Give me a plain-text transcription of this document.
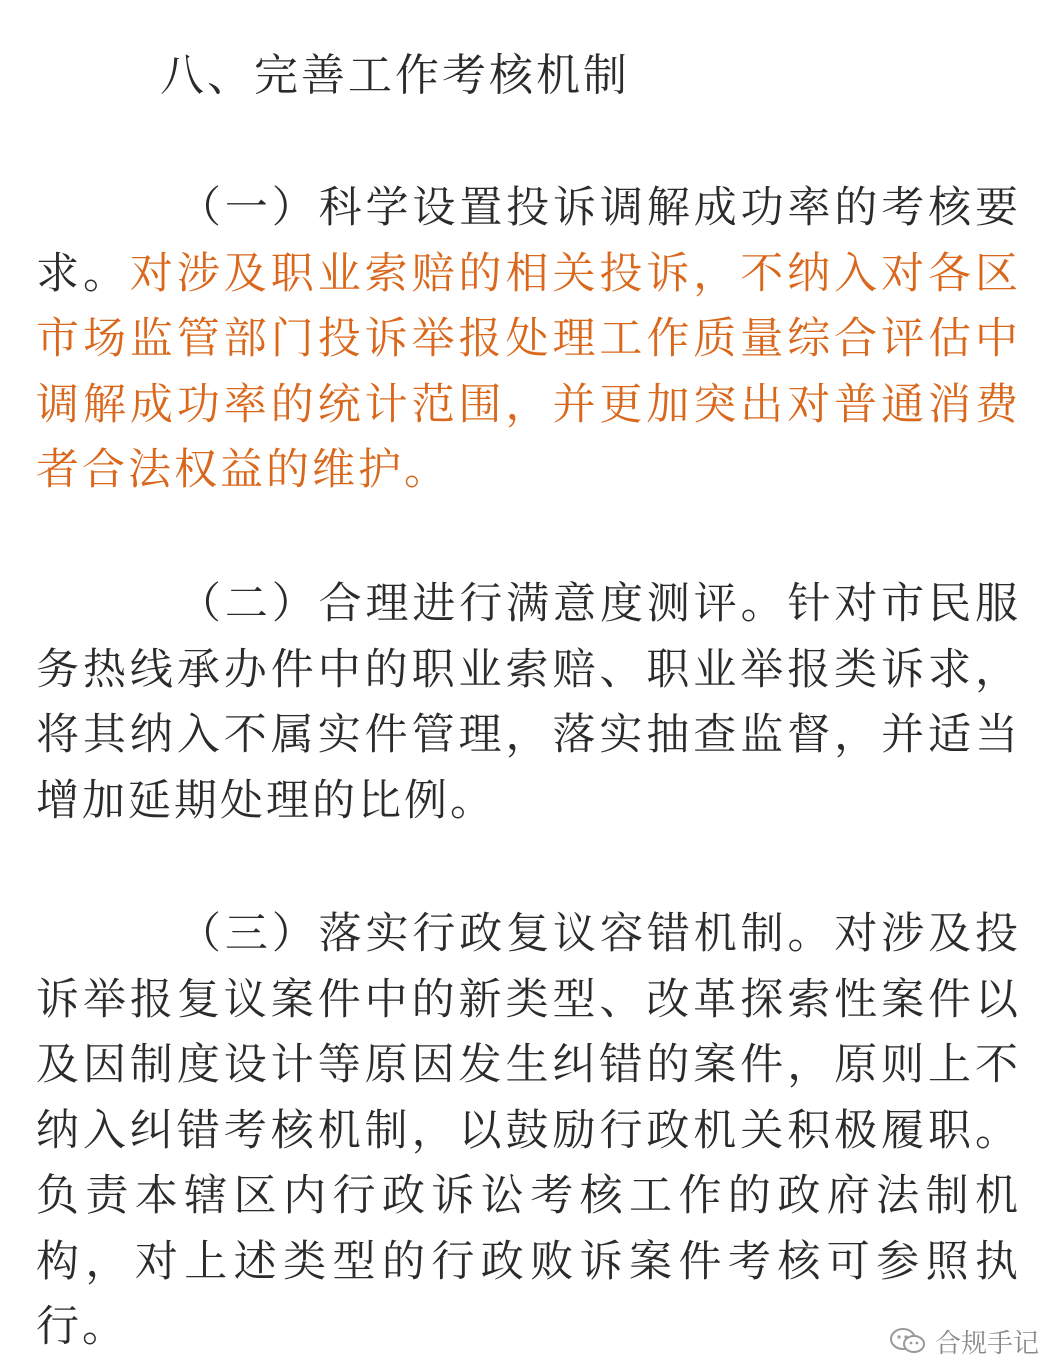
八、完善工作考核机制

（一）科学设置投诉调解成功率的考核要求。对涉及职业索赔的相关投诉，不纳入对各区市场监管部门投诉举报处理工作质量综合评估中调解成功率的统计范围，并更加突出对普通消费者合法权益的维护。

（二）合理进行满意度测评。针对市民服务热线承办件中的职业索赔、职业举报类诉求，将其纳入不属实件管理，落实抽查监督，并适当增加延期处理的比例。

（三）落实行政复议容错机制。对涉及投诉举报复议案件中的新类型、改革探索性案件以及因制度设计等原因发生纠错的案件，原则上不纳入纠错考核机制，以鼓励行政机关积极履职。负责本辖区内行政诉讼考核工作的政府法制机构，对上述类型的行政败诉案件考核可参照执行。	合规手记
